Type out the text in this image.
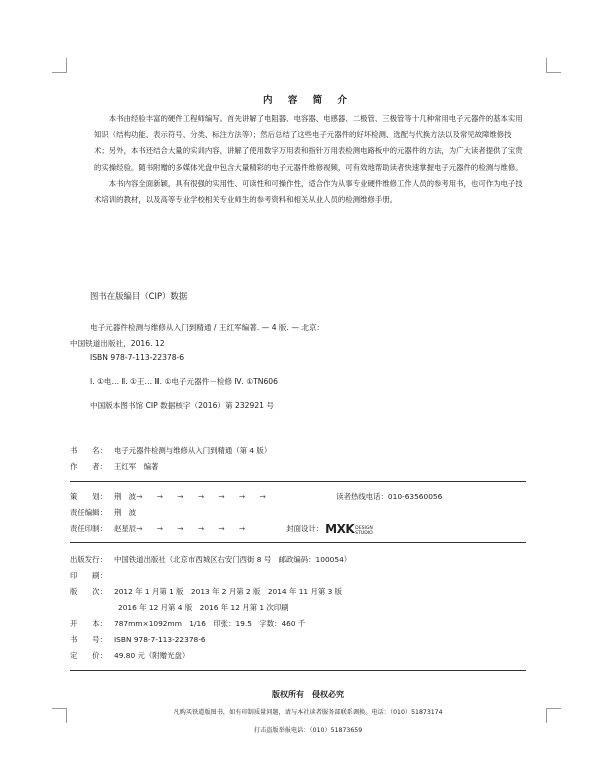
内 容 简 介

本书由经验丰富的硬件工程师编写。首先讲解了电阻器、电容器、电感器、二极管、三极管等十几种常用电子元器件的基本实用知识（结构功能、表示符号、分类、标注方法等）；然后总结了这些电子元器件的好坏检测、选配与代换方法以及常见故障维修技术；另外，本书还结合大量的实训内容，讲解了使用数字万用表和指针万用表检测电路板中的元器件的方法，为广大读者提供了宝贵的实操经验。随书附赠的多媒体光盘中包含大量精彩的电子元器件维修视频，可有效地帮助读者快速掌握电子元器件的检测与维修。

本书内容全面新颖，具有很强的实用性、可读性和可操作性，适合作为从事专业硬件维修工作人员的参考用书，也可作为电子技术培训的教材，以及高等专业学校相关专业师生的参考资料和相关从业人员的检测维修手册。

图书在版编目（CIP）数据
电子元器件检测与维修从入门到精通 / 王红军编著. — 4 版. — 北京：
中国铁道出版社，2016. 12
ISBN 978-7-113-22378-6
Ⅰ. ①电… Ⅱ. ①王… Ⅲ. ①电子元器件－检修 Ⅳ. ①TN606
中国版本图书馆 CIP 数据核字（2016）第 232921 号
书　　名： 电子元器件检测与维修从入门到精通（第 4 版）
作　　者： 王红军　编著
策　　划： 荆　波→ → → → → → →	读者热线电话：010-63560056
责任编辑： 荆　波
责任印制： 赵星辰→ → → → → →	封面设计： MXKDESIGN
STUDIO
出版发行： 中国铁道出版社（北京市西城区右安门西街 8 号　邮政编码：100054）
印　　刷：
版　　次： 2012 年 1 月第 1 版　2013 年 2 月第 2 版　2014 年 11 月第 3 版
2016 年 12 月第 4 版　2016 年 12 月第 1 次印刷
开　　本： 787mm×1092mm　1/16　印张：19.5　字数：460 千
书　　号： ISBN 978-7-113-22378-6
定　　价： 49.80 元（附赠光盘）
版权所有　侵权必究
凡购买铁道版图书，如有印制质量问题，请与本社读者服务部联系调换。电话：（010）51873174
打击盗版举报电话：（010）51873659
